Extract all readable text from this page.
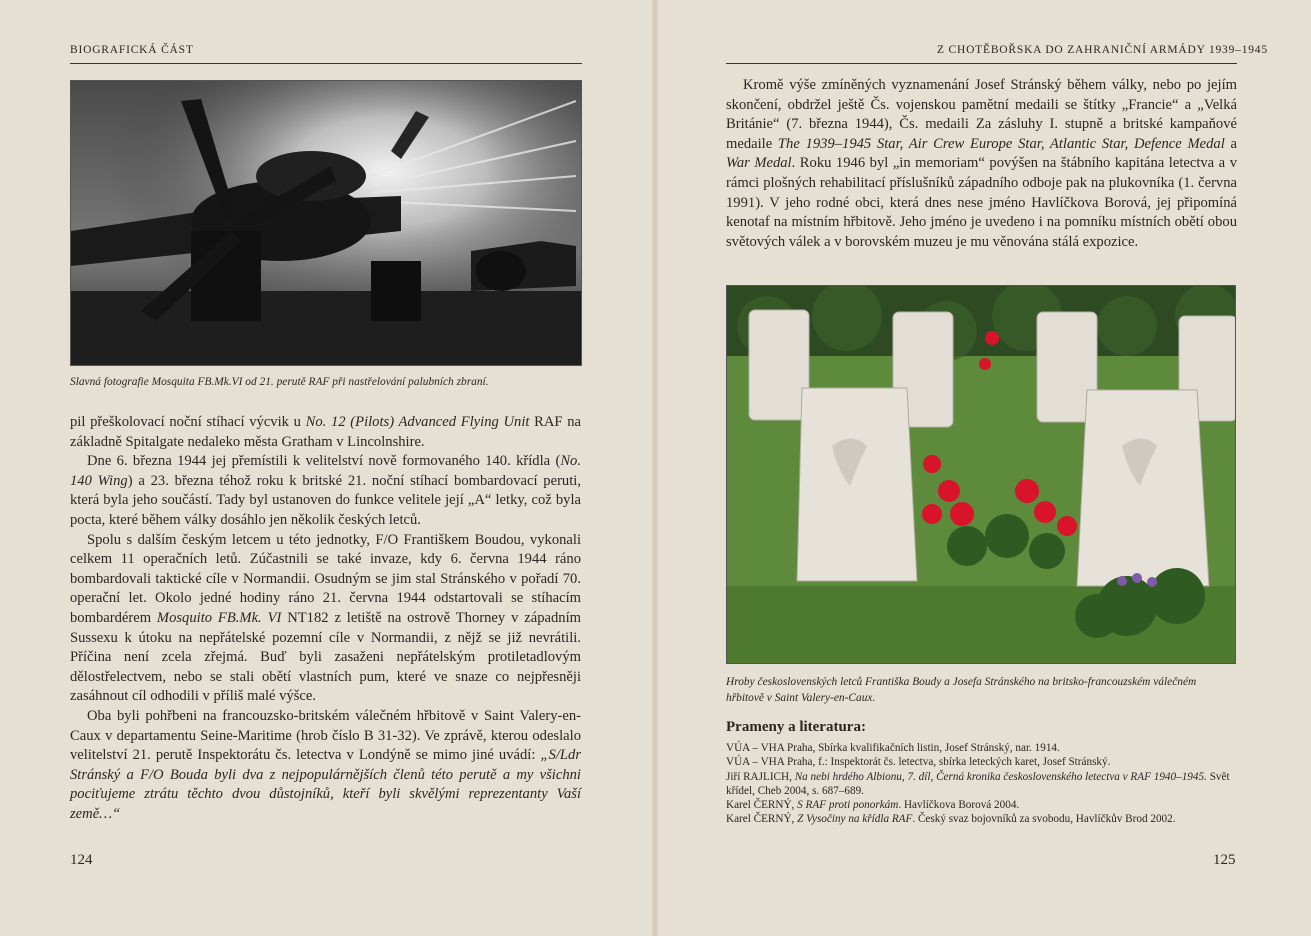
BIOGRAFICKÁ ČÁST
Slavná fotografie Mosquita FB.Mk.VI od 21. perutě RAF při nastřelování palubních zbraní.

pil přeškolovací noční stíhací výcvik u No. 12 (Pilots) Advanced Flying Unit RAF na základně Spitalgate nedaleko města Gratham v Lincolnshire.

Dne 6. března 1944 jej přemístili k velitelství nově formovaného 140. křídla (No. 140 Wing) a 23. března téhož roku k britské 21. noční stíhací bombardovací peruti, která byla jeho součástí. Tady byl ustanoven do funkce velitele její „A“ letky, což byla pocta, které během války dosáhlo jen několik českých letců.

Spolu s dalším českým letcem u této jednotky, F/O Františkem Boudou, vykonali celkem 11 operačních letů. Zúčastnili se také invaze, kdy 6. června 1944 ráno bombardovali taktické cíle v Normandii. Osudným se jim stal Stránského v pořadí 70. operační let. Okolo jedné hodiny ráno 21. června 1944 odstartovali se stíhacím bombardérem Mosquito FB.Mk. VI NT182 z letiště na ostrově Thorney v západním Sussexu k útoku na nepřátelské pozemní cíle v Normandii, z nějž se již nevrátili. Příčina není zcela zřejmá. Buď byli zasaženi nepřátelským protiletadlovým dělostřelectvem, nebo se stali obětí vlastních pum, které ve snaze co nejpřesněji zasáhnout cíl odhodili v příliš malé výšce.

Oba byli pohřbeni na francouzsko-britském válečném hřbitově v Saint Valery-en-Caux v departamentu Seine-Maritime (hrob číslo B 31-32). Ve zprávě, kterou odeslalo velitelství 21. perutě Inspektorátu čs. letectva v Londýně se mimo jiné uvádí: „S/Ldr Stránský a F/O Bouda byli dva z nejpopulárnějších členů této perutě a my všichni pociťujeme ztrátu těchto dvou důstojníků, kteří byli skvělými reprezentanty Vaší země…“

124
Z CHOTĚBOŘSKA DO ZAHRANIČNÍ ARMÁDY 1939–1945

Kromě výše zmíněných vyznamenání Josef Stránský během války, nebo po jejím skončení, obdržel ještě Čs. vojenskou pamětní medaili se štítky „Francie“ a „Velká Británie“ (7. března 1944), Čs. medaili Za zásluhy I. stupně a britské kampaňové medaile The 1939–1945 Star, Air Crew Europe Star, Atlantic Star, Defence Medal a War Medal. Roku 1946 byl „in memoriam“ povýšen na štábního kapitána letectva a v rámci plošných rehabilitací příslušníků západního odboje pak na plukovníka (1. června 1991). V jeho rodné obci, která dnes nese jméno Havlíčkova Borová, jej připomíná kenotaf na místním hřbitově. Jeho jméno je uvedeno i na pomníku místních obětí obou světových válek a v borovském muzeu je mu věnována stálá expozice.

Hroby československých letců Františka Boudy a Josefa Stránského na britsko-francouzském válečném hřbitově v Saint Valery-en-Caux.
Prameny a literatura:
VÚA – VHA Praha, Sbírka kvalifikačních listin, Josef Stránský, nar. 1914.
VÚA – VHA Praha, f.: Inspektorát čs. letectva, sbírka leteckých karet, Josef Stránský.
Jiří RAJLICH, Na nebi hrdého Albionu, 7. díl, Černá kronika československého letectva v RAF 1940–1945. Svět křídel, Cheb 2004, s. 687–689.
Karel ČERNÝ, S RAF proti ponorkám. Havlíčkova Borová 2004.
Karel ČERNÝ, Z Vysočiny na křídla RAF. Český svaz bojovníků za svobodu, Havlíčkův Brod 2002.
125
